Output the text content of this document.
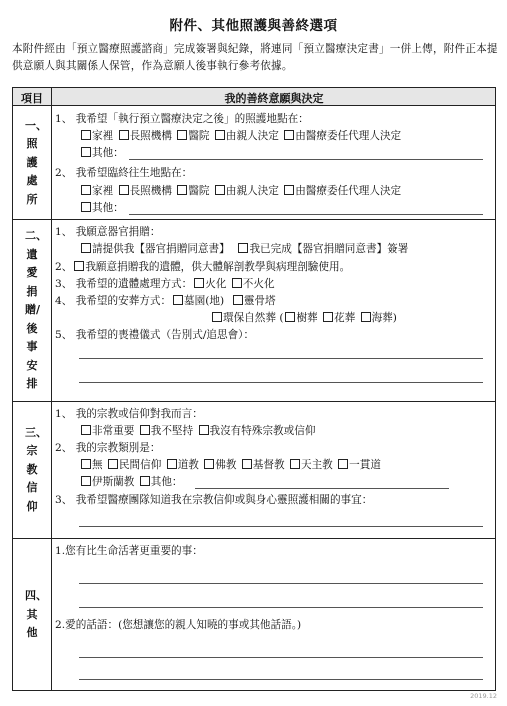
附件、其他照護與善終選項
本附件經由「預立醫療照護諮商」完成簽署與紀錄，將連同「預立醫療決定書」一併上傳，附件正本提供意願人與其關係人保管，作為意願人後事執行參考依據。
項目	我的善終意願與決定
一、照護處所
1、 我希望「執行預立醫療決定之後」的照護地點在：
家裡 長照機構 醫院 由親人決定 由醫療委任代理人決定
其他：
2、 我希望臨終往生地點在：
家裡 長照機構 醫院 由親人決定 由醫療委任代理人決定
其他：
二、遺愛捐贈/後事安排
1、 我願意器官捐贈：
請提供我【器官捐贈同意書】 我已完成【器官捐贈同意書】簽署
2、 我願意捐贈我的遺體，供大體解剖教學與病理剖驗使用。
3、 我希望的遺體處理方式： 火化 不火化
4、 我希望的安葬方式： 墓園(地) 靈骨塔
環保自然葬 ( 樹葬 花葬 海葬)
5、 我希望的喪禮儀式（告別式/追思會）：
三、宗教信仰
1、 我的宗教或信仰對我而言：
非常重要 我不堅持 我沒有特殊宗教或信仰
2、 我的宗教類別是：
無 民間信仰 道教 佛教 基督教 天主教 一貫道
伊斯蘭教 其他：
3、 我希望醫療團隊知道我在宗教信仰或與身心靈照護相關的事宜：
四、其他
1.您有比生命活著更重要的事：
2.愛的話語：(您想讓您的親人知曉的事或其他話語。)
2019.12
